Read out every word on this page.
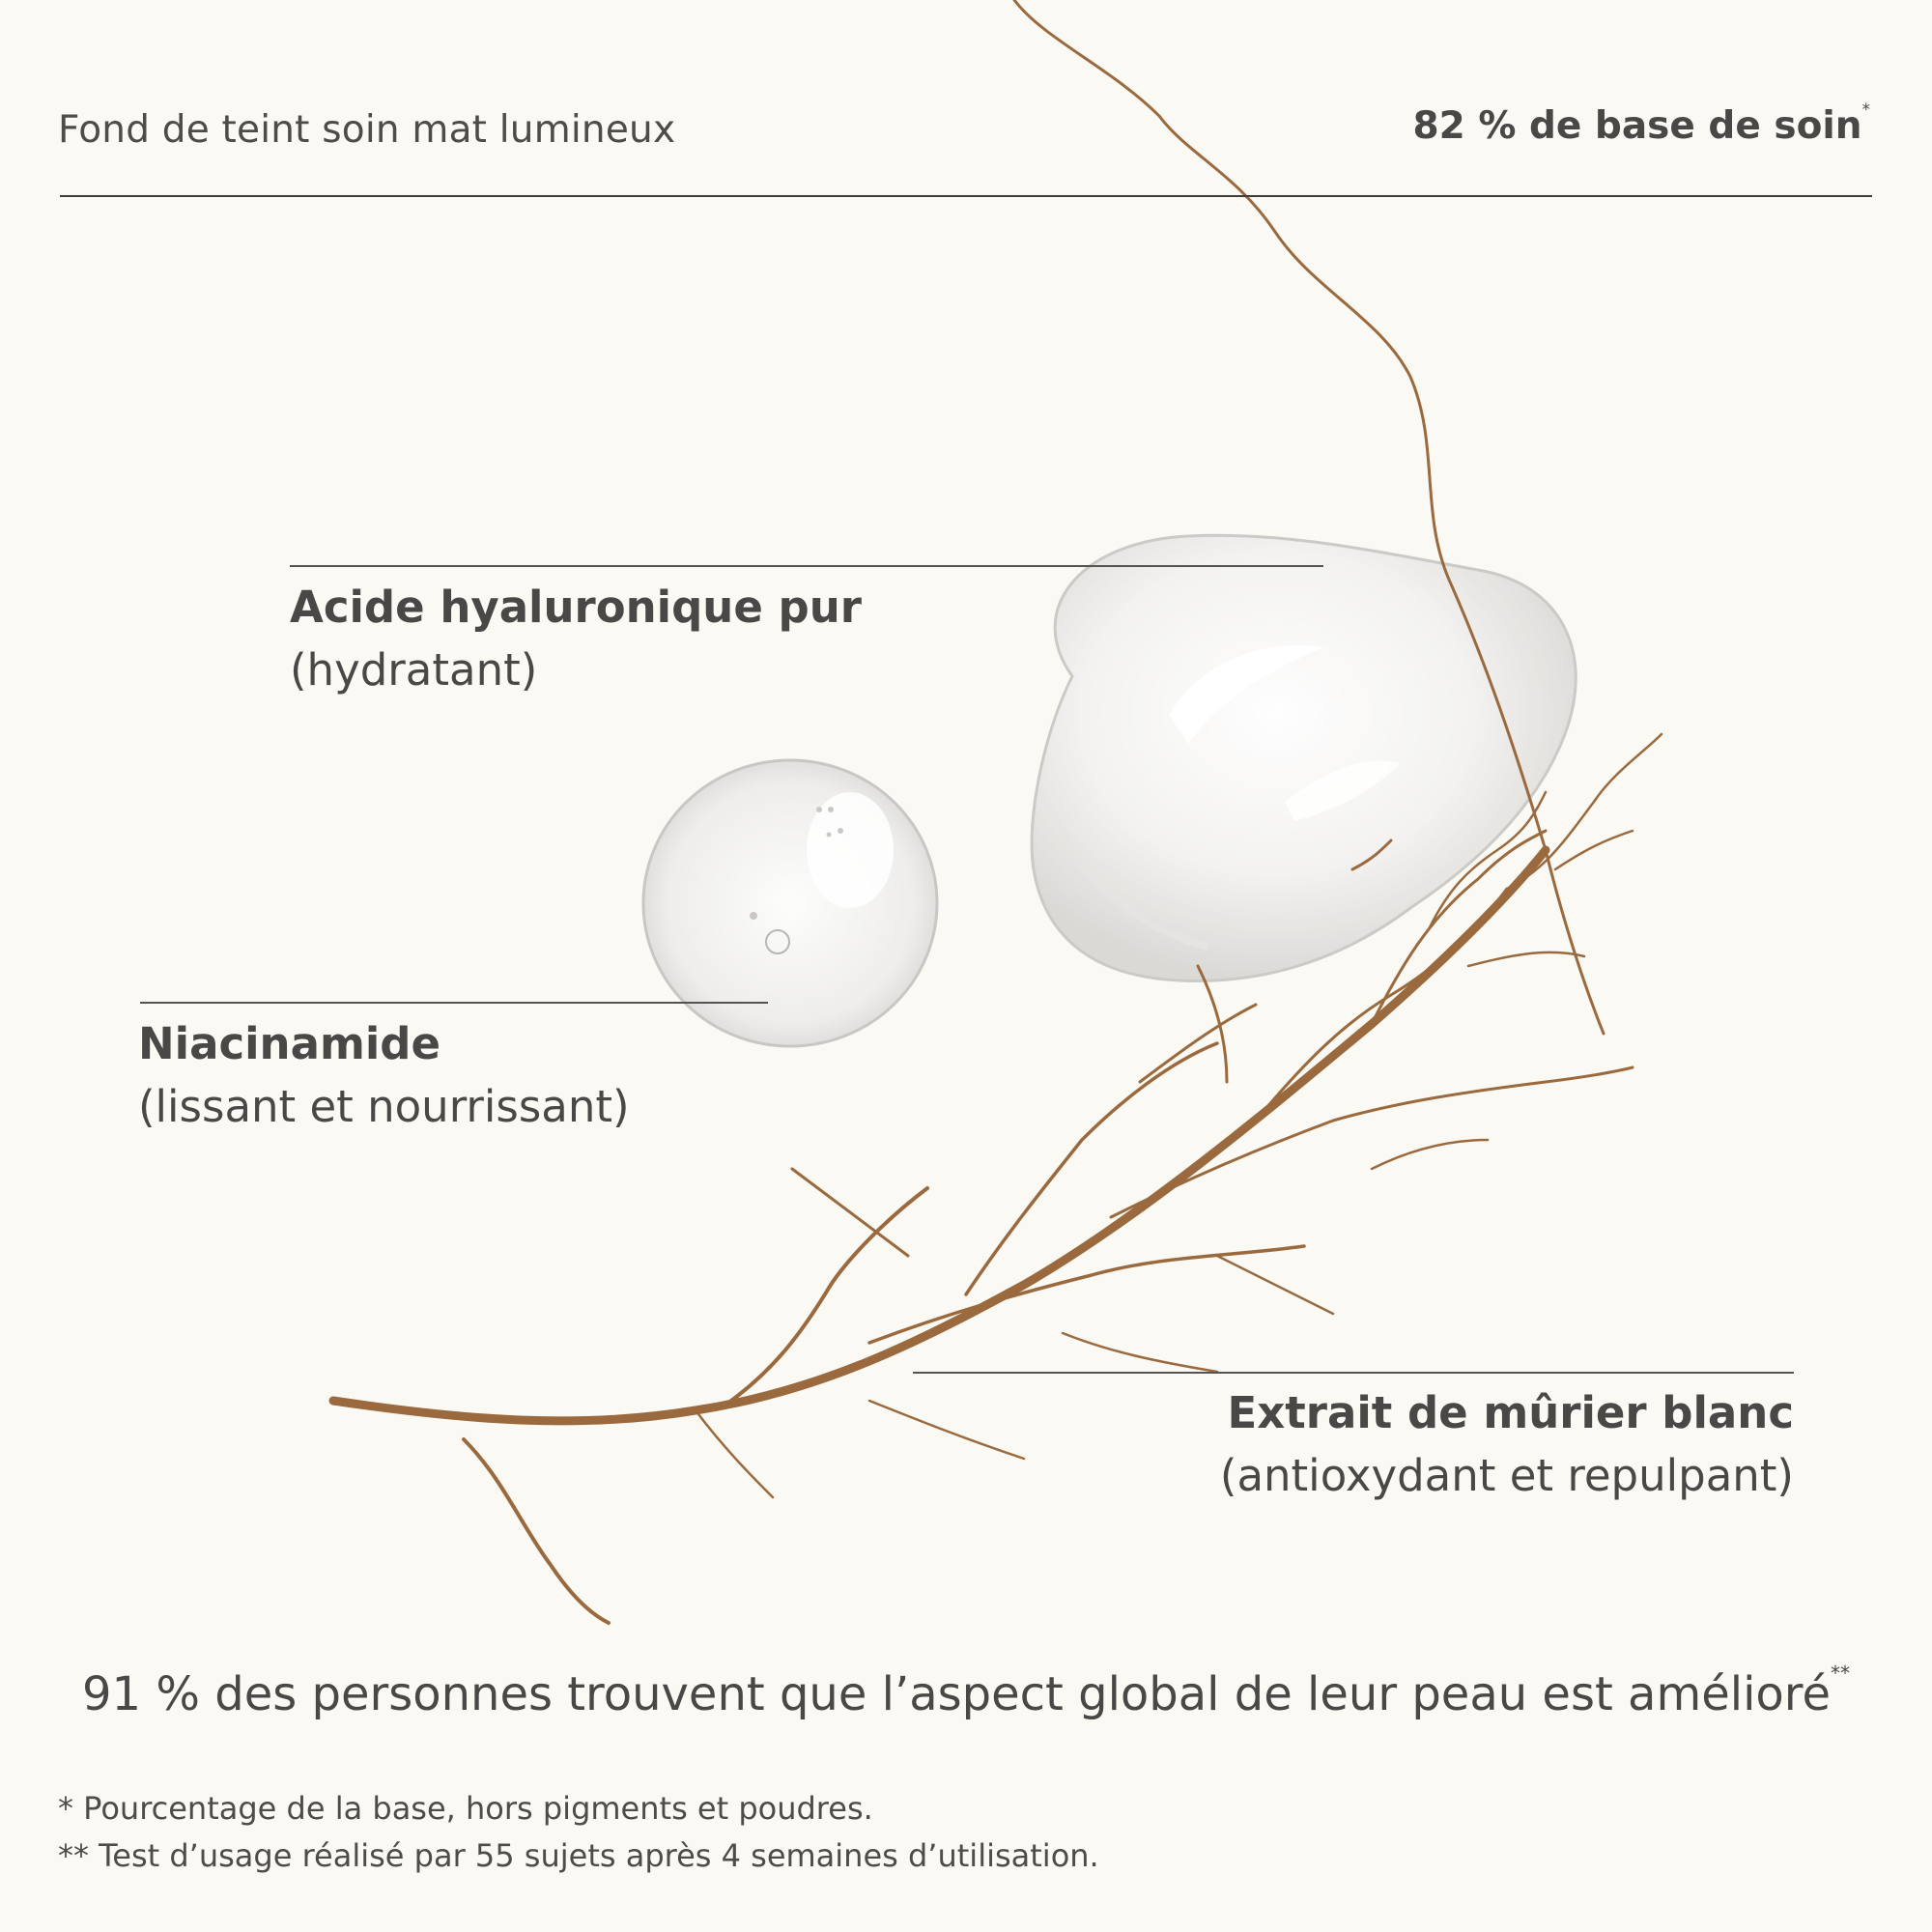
Fond de teint soin mat lumineux	82 % de base de soin*
Acide hyaluronique pur
(hydratant)
Niacinamide
(lissant et nourrissant)
Extrait de mûrier blanc
(antioxydant et repulpant)
91 % des personnes trouvent que l’aspect global de leur peau est amélioré**
* Pourcentage de la base, hors pigments et poudres.
** Test d’usage réalisé par 55 sujets après 4 semaines d’utilisation.
